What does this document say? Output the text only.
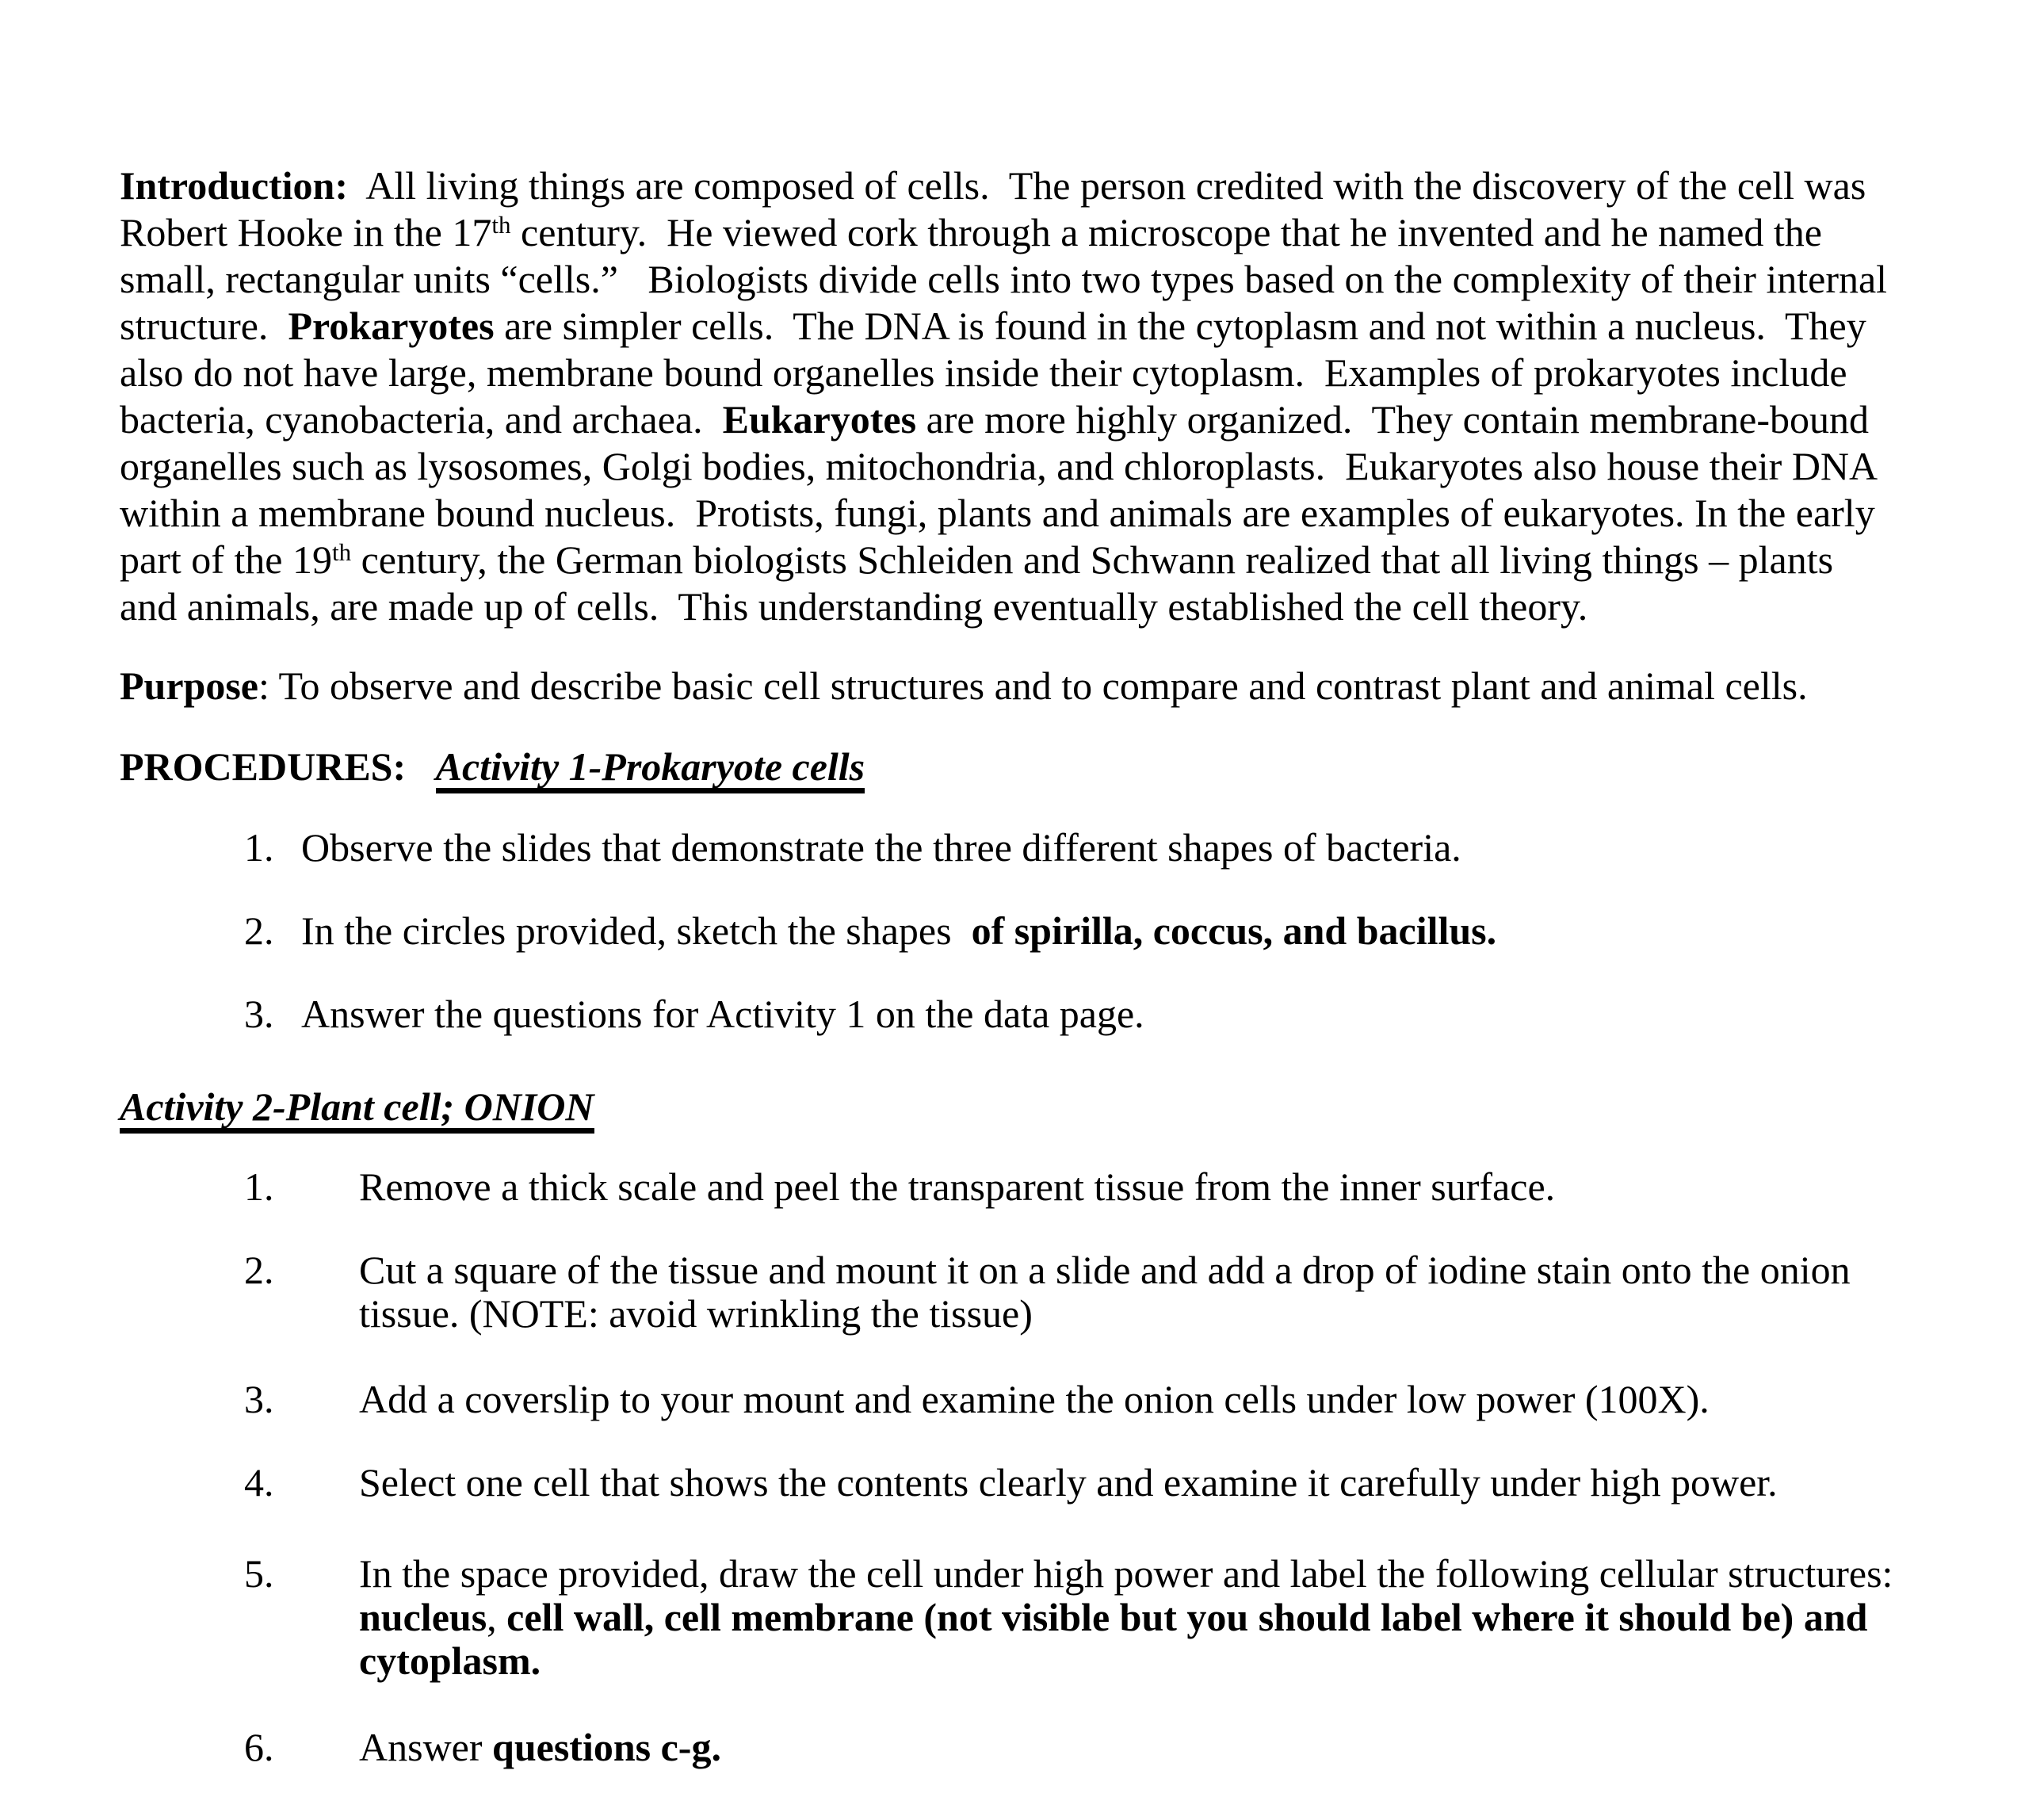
Introduction:  All living things are composed of cells.  The person credited with the discovery of the cell was
Robert Hooke in the 17th century.  He viewed cork through a microscope that he invented and he named the
small, rectangular units “cells.”   Biologists divide cells into two types based on the complexity of their internal
structure.  Prokaryotes are simpler cells.  The DNA is found in the cytoplasm and not within a nucleus.  They
also do not have large, membrane bound organelles inside their cytoplasm.  Examples of prokaryotes include
bacteria, cyanobacteria, and archaea.  Eukaryotes are more highly organized.  They contain membrane-bound
organelles such as lysosomes, Golgi bodies, mitochondria, and chloroplasts.  Eukaryotes also house their DNA
within a membrane bound nucleus.  Protists, fungi, plants and animals are examples of eukaryotes. In the early
part of the 19th century, the German biologists Schleiden and Schwann realized that all living things – plants
and animals, are made up of cells.  This understanding eventually established the cell theory.
Purpose: To observe and describe basic cell structures and to compare and contrast plant and animal cells.
PROCEDURES: Activity 1-Prokaryote cells
1. Observe the slides that demonstrate the three different shapes of bacteria.
2. In the circles provided, sketch the shapes  of spirilla, coccus, and bacillus.
3. Answer the questions for Activity 1 on the data page.
Activity 2-Plant cell; ONION
1.	Remove a thick scale and peel the transparent tissue from the inner surface.
2.	Cut a square of the tissue and mount it on a slide and add a drop of iodine stain onto the onion
tissue. (NOTE: avoid wrinkling the tissue)
3.	Add a coverslip to your mount and examine the onion cells under low power (100X).
4.	Select one cell that shows the contents clearly and examine it carefully under high power.
5.	In the space provided, draw the cell under high power and label the following cellular structures:
nucleus, cell wall, cell membrane (not visible but you should label where it should be) and
cytoplasm.
6.	Answer questions c-g.
